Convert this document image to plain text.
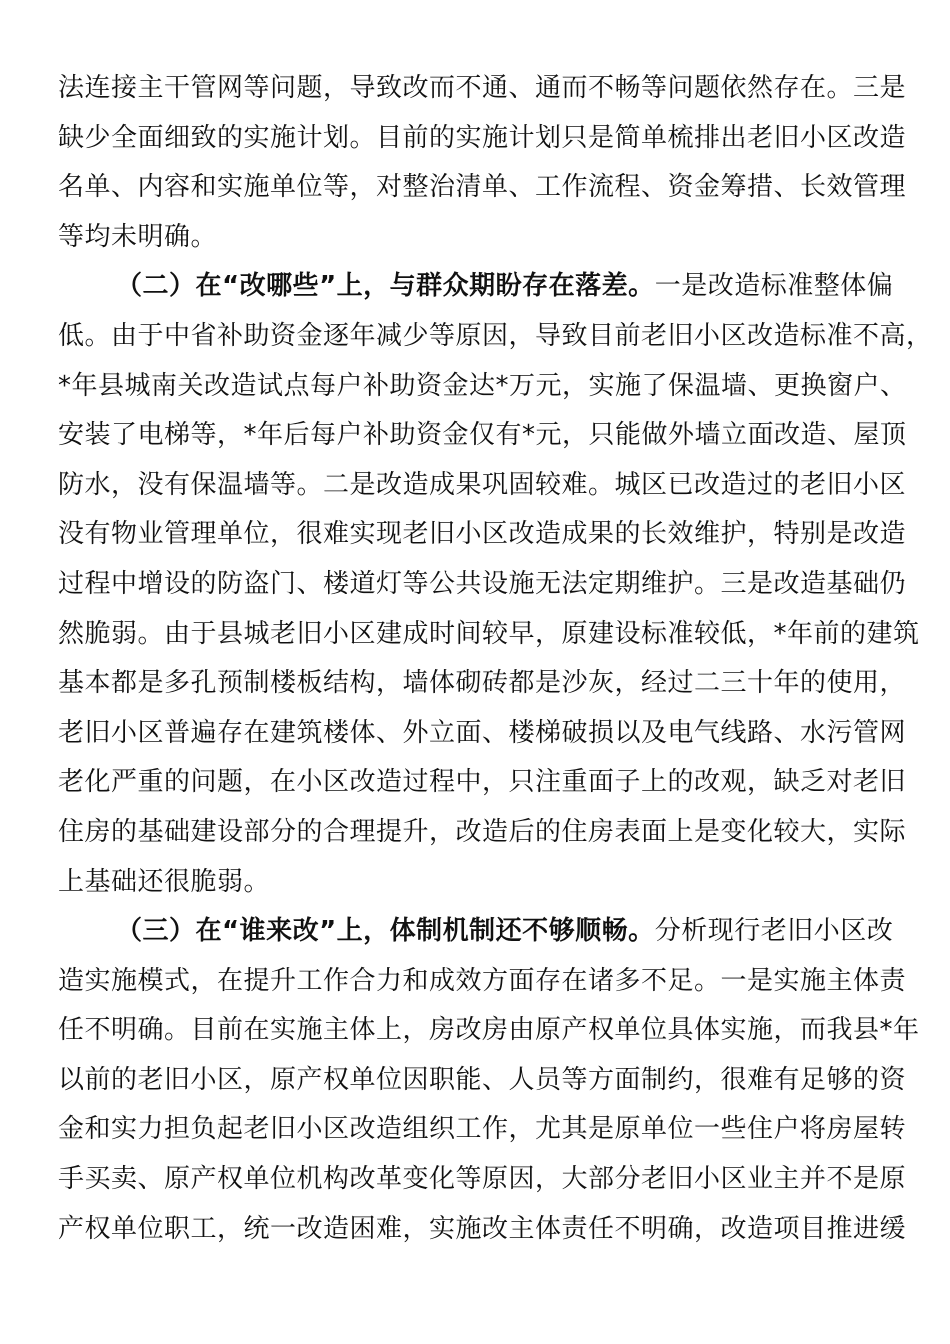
法连接主干管网等问题，导致改而不通、通而不畅等问题依然存在。三是
缺少全面细致的实施计划。目前的实施计划只是简单梳排出老旧小区改造
名单、内容和实施单位等，对整治清单、工作流程、资金筹措、长效管理
等均未明确。
（二）在“改哪些”上，与群众期盼存在落差。一是改造标准整体偏
低。由于中省补助资金逐年减少等原因，导致目前老旧小区改造标准不高，
*年县城南关改造试点每户补助资金达*万元，实施了保温墙、更换窗户、
安装了电梯等，*年后每户补助资金仅有*元，只能做外墙立面改造、屋顶
防水，没有保温墙等。二是改造成果巩固较难。城区已改造过的老旧小区
没有物业管理单位，很难实现老旧小区改造成果的长效维护，特别是改造
过程中增设的防盗门、楼道灯等公共设施无法定期维护。三是改造基础仍
然脆弱。由于县城老旧小区建成时间较早，原建设标准较低，*年前的建筑
基本都是多孔预制楼板结构，墙体砌砖都是沙灰，经过二三十年的使用，
老旧小区普遍存在建筑楼体、外立面、楼梯破损以及电气线路、水污管网
老化严重的问题，在小区改造过程中，只注重面子上的改观，缺乏对老旧
住房的基础建设部分的合理提升，改造后的住房表面上是变化较大，实际
上基础还很脆弱。
（三）在“谁来改”上，体制机制还不够顺畅。分析现行老旧小区改
造实施模式，在提升工作合力和成效方面存在诸多不足。一是实施主体责
任不明确。目前在实施主体上，房改房由原产权单位具体实施，而我县*年
以前的老旧小区，原产权单位因职能、人员等方面制约，很难有足够的资
金和实力担负起老旧小区改造组织工作，尤其是原单位一些住户将房屋转
手买卖、原产权单位机构改革变化等原因，大部分老旧小区业主并不是原
产权单位职工，统一改造困难，实施改主体责任不明确，改造项目推进缓
